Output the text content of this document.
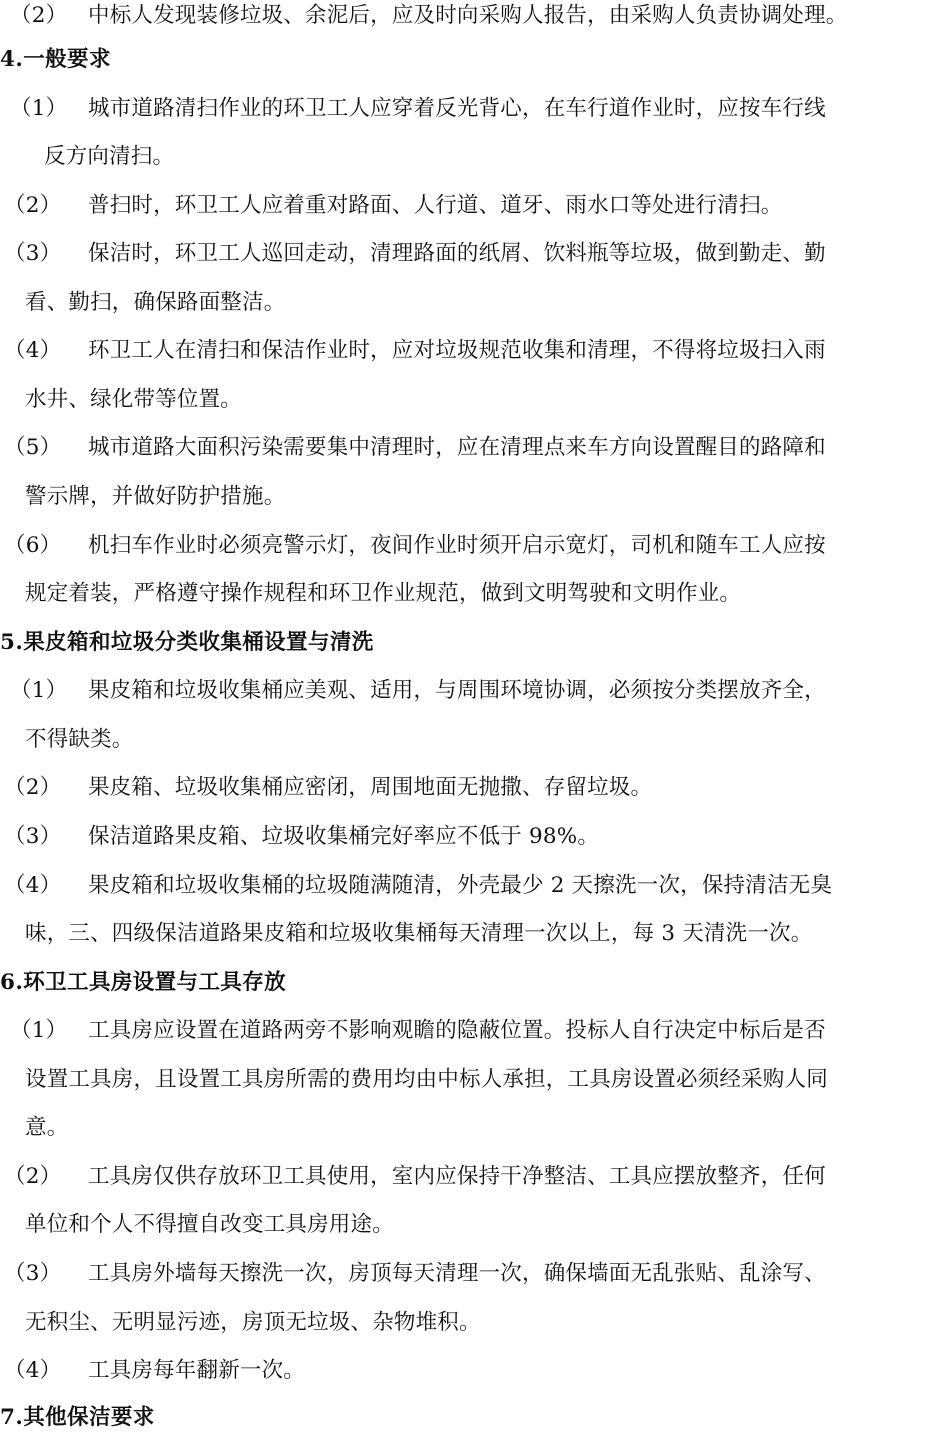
（2） 中标人发现装修垃圾、余泥后，应及时向采购人报告，由采购人负责协调处理。
4.一般要求
（1） 城市道路清扫作业的环卫工人应穿着反光背心，在车行道作业时，应按车行线
反方向清扫。
（2） 普扫时，环卫工人应着重对路面、人行道、道牙、雨水口等处进行清扫。
（3） 保洁时，环卫工人巡回走动，清理路面的纸屑、饮料瓶等垃圾，做到勤走、勤
看、勤扫，确保路面整洁。
（4） 环卫工人在清扫和保洁作业时，应对垃圾规范收集和清理，不得将垃圾扫入雨
水井、绿化带等位置。
（5） 城市道路大面积污染需要集中清理时，应在清理点来车方向设置醒目的路障和
警示牌，并做好防护措施。
（6） 机扫车作业时必须亮警示灯，夜间作业时须开启示宽灯，司机和随车工人应按
规定着装，严格遵守操作规程和环卫作业规范，做到文明驾驶和文明作业。
5.果皮箱和垃圾分类收集桶设置与清洗
（1） 果皮箱和垃圾收集桶应美观、适用，与周围环境协调，必须按分类摆放齐全，
不得缺类。
（2） 果皮箱、垃圾收集桶应密闭，周围地面无抛撒、存留垃圾。
（3） 保洁道路果皮箱、垃圾收集桶完好率应不低于 98%。
（4） 果皮箱和垃圾收集桶的垃圾随满随清，外壳最少 2 天擦洗一次，保持清洁无臭
味，三、四级保洁道路果皮箱和垃圾收集桶每天清理一次以上，每 3 天清洗一次。
6.环卫工具房设置与工具存放
（1） 工具房应设置在道路两旁不影响观瞻的隐蔽位置。投标人自行决定中标后是否
设置工具房，且设置工具房所需的费用均由中标人承担，工具房设置必须经采购人同
意。
（2） 工具房仅供存放环卫工具使用，室内应保持干净整洁、工具应摆放整齐，任何
单位和个人不得擅自改变工具房用途。
（3） 工具房外墙每天擦洗一次，房顶每天清理一次，确保墙面无乱张贴、乱涂写、
无积尘、无明显污迹，房顶无垃圾、杂物堆积。
（4） 工具房每年翻新一次。
7.其他保洁要求
